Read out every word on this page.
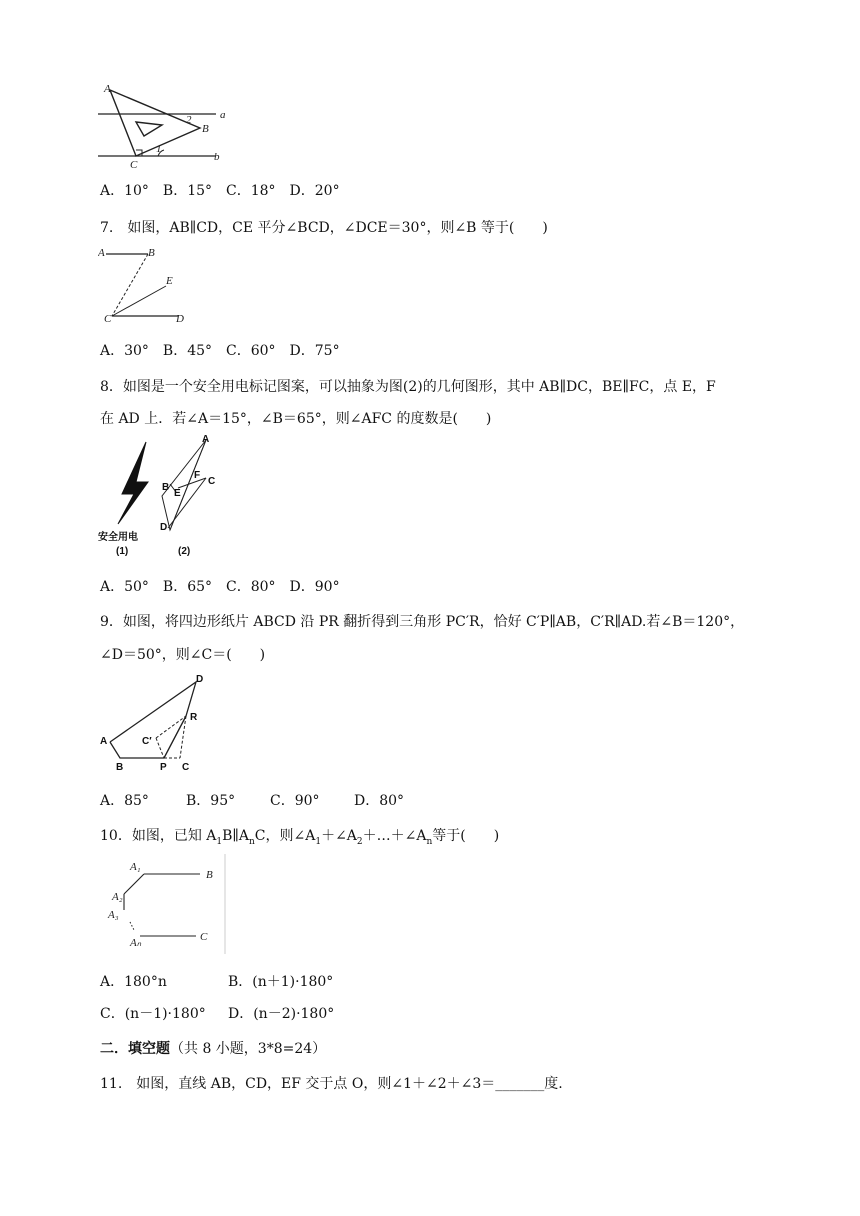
A
B
C
a
b
2
1
A．10°　B．15°　C．18°　D．20°
7.　如图，AB∥CD，CE 平分∠BCD，∠DCE＝30°，则∠B 等于(　　)
A	B
E
C	D
A．30°　B．45°　C．60°　D．75°
8．如图是一个安全用电标记图案，可以抽象为图(2)的几何图形，其中 AB∥DC，BE∥FC，点 E，F
在 AD 上．若∠A＝15°，∠B＝65°，则∠AFC 的度数是(　　)
A
B
E
F
C
D
安全用电
(1)	(2)
A．50°　B．65°　C．80°　D．90°
9．如图，将四边形纸片 ABCD 沿 PR 翻折得到三角形 PC′R，恰好 C′P∥AB，C′R∥AD.若∠B＝120°，
∠D＝50°，则∠C＝(　　)
A
B	P C
C′
R
D
A．85°	B．95° C．90° D．80°
10．如图，已知 $A_1B\parallel A_nC$，则$\angle A_1+\angle A_2+\dots+\angle A_n$等于(　　)
A₁
A₂
A₃
Aₙ
B
C
A．180°n	B．(n＋1)·180°
C．(n－1)·180° D．(n－2)·180°
二．填空题（共 8 小题，3*8=24）
11.　如图，直线 AB，CD，EF 交于点 O，则∠1＋∠2＋∠3＝_______度.
